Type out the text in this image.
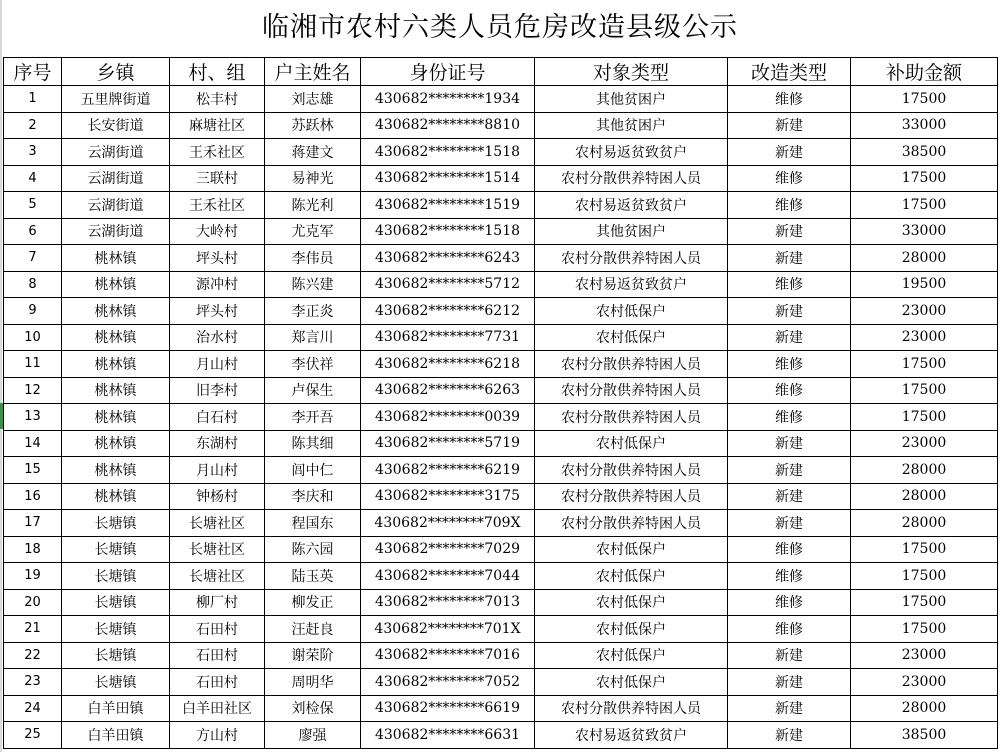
临湘市农村六类人员危房改造县级公示
序号	乡镇	村、组	户主姓名	身份证号	对象类型	改造类型	补助金额
1	五里牌街道	松丰村	刘志雄	430682********1934	其他贫困户	维修	17500
2	长安街道	麻塘社区	苏跃林	430682********8810	其他贫困户	新建	33000
3	云湖街道	王禾社区	蒋建文	430682********1518	农村易返贫致贫户	新建	38500
4	云湖街道	三联村	易神光	430682********1514	农村分散供养特困人员	维修	17500
5	云湖街道	王禾社区	陈光利	430682********1519	农村易返贫致贫户	维修	17500
6	云湖街道	大岭村	尤克军	430682********1518	其他贫困户	新建	33000
7	桃林镇	坪头村	李伟员	430682********6243	农村分散供养特困人员	新建	28000
8	桃林镇	源冲村	陈兴建	430682********5712	农村易返贫致贫户	维修	19500
9	桃林镇	坪头村	李正炎	430682********6212	农村低保户	新建	23000
10	桃林镇	治水村	郑言川	430682********7731	农村低保户	新建	23000
11	桃林镇	月山村	李伏祥	430682********6218	农村分散供养特困人员	维修	17500
12	桃林镇	旧李村	卢保生	430682********6263	农村分散供养特困人员	维修	17500
13	桃林镇	白石村	李开吾	430682********0039	农村分散供养特困人员	维修	17500
14	桃林镇	东湖村	陈其细	430682********5719	农村低保户	新建	23000
15	桃林镇	月山村	闾中仁	430682********6219	农村分散供养特困人员	新建	28000
16	桃林镇	钟杨村	李庆和	430682********3175	农村分散供养特困人员	新建	28000
17	长塘镇	长塘社区	程国东	430682********709X	农村分散供养特困人员	新建	28000
18	长塘镇	长塘社区	陈六园	430682********7029	农村低保户	维修	17500
19	长塘镇	长塘社区	陆玉英	430682********7044	农村低保户	维修	17500
20	长塘镇	柳厂村	柳发正	430682********7013	农村低保户	维修	17500
21	长塘镇	石田村	汪赶良	430682********701X	农村低保户	维修	17500
22	长塘镇	石田村	谢荣阶	430682********7016	农村低保户	新建	23000
23	长塘镇	石田村	周明华	430682********7052	农村低保户	新建	23000
24	白羊田镇	白羊田社区	刘检保	430682********6619	农村分散供养特困人员	新建	28000
25	白羊田镇	方山村	廖强	430682********6631	农村易返贫致贫户	新建	38500
